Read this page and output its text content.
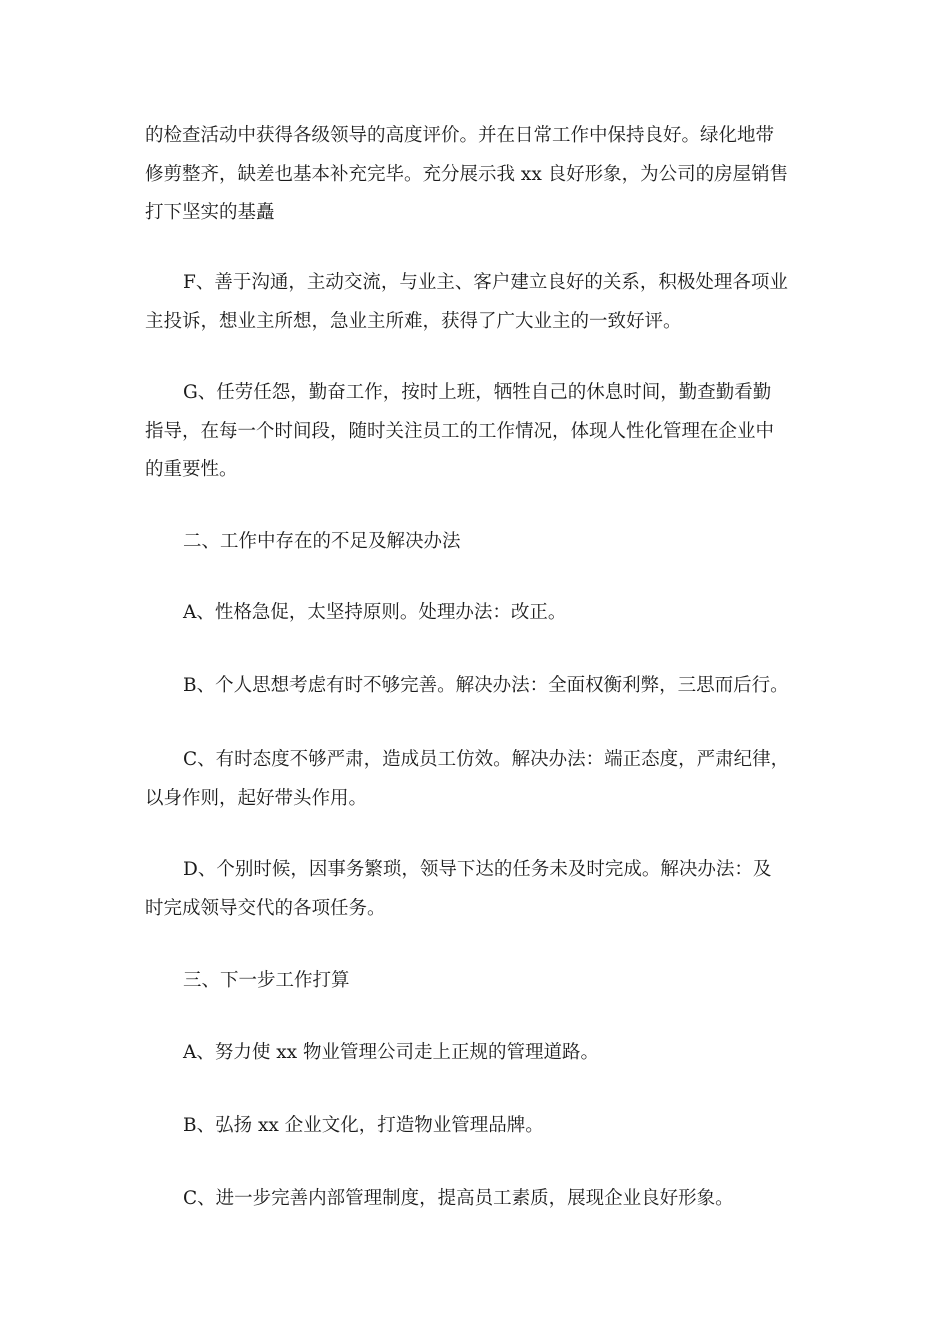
的检查活动中获得各级领导的高度评价。并在日常工作中保持良好。绿化地带
修剪整齐，缺差也基本补充完毕。充分展示我 xx 良好形象，为公司的房屋销售
打下坚实的基矗

F、善于沟通，主动交流，与业主、客户建立良好的关系，积极处理各项业
主投诉，想业主所想，急业主所难，获得了广大业主的一致好评。

G、任劳任怨，勤奋工作，按时上班，牺牲自己的休息时间，勤查勤看勤
指导，在每一个时间段，随时关注员工的工作情况，体现人性化管理在企业中
的重要性。

二、工作中存在的不足及解决办法

A、性格急促，太坚持原则。处理办法：改正。

B、个人思想考虑有时不够完善。解决办法：全面权衡利弊，三思而后行。

C、有时态度不够严肃，造成员工仿效。解决办法：端正态度，严肃纪律，
以身作则，起好带头作用。

D、个别时候，因事务繁琐，领导下达的任务未及时完成。解决办法：及
时完成领导交代的各项任务。

三、下一步工作打算

A、努力使 xx 物业管理公司走上正规的管理道路。

B、弘扬 xx 企业文化，打造物业管理品牌。

C、进一步完善内部管理制度，提高员工素质，展现企业良好形象。
